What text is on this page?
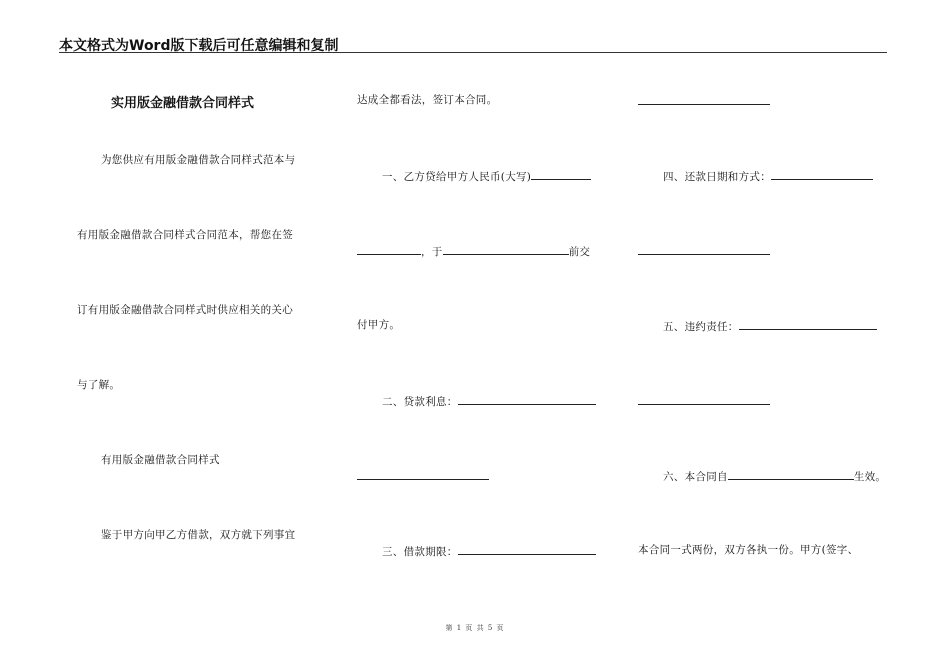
本文格式为Word版下载后可任意编辑和复制
实用版金融借款合同样式
为您供应有用版金融借款合同样式范本与
有用版金融借款合同样式合同范本，帮您在签
订有用版金融借款合同样式时供应相关的关心
与了解。
有用版金融借款合同样式
鉴于甲方向甲乙方借款，双方就下列事宜
达成全都看法，签订本合同。
一、乙方贷给甲方人民币(大写)
，于	前交
付甲方。
二、贷款利息：
三、借款期限：
四、还款日期和方式：
五、违约责任：
六、本合同自	生效。
本合同一式两份，双方各执一份。甲方(签字、
第 1 页 共 5 页
